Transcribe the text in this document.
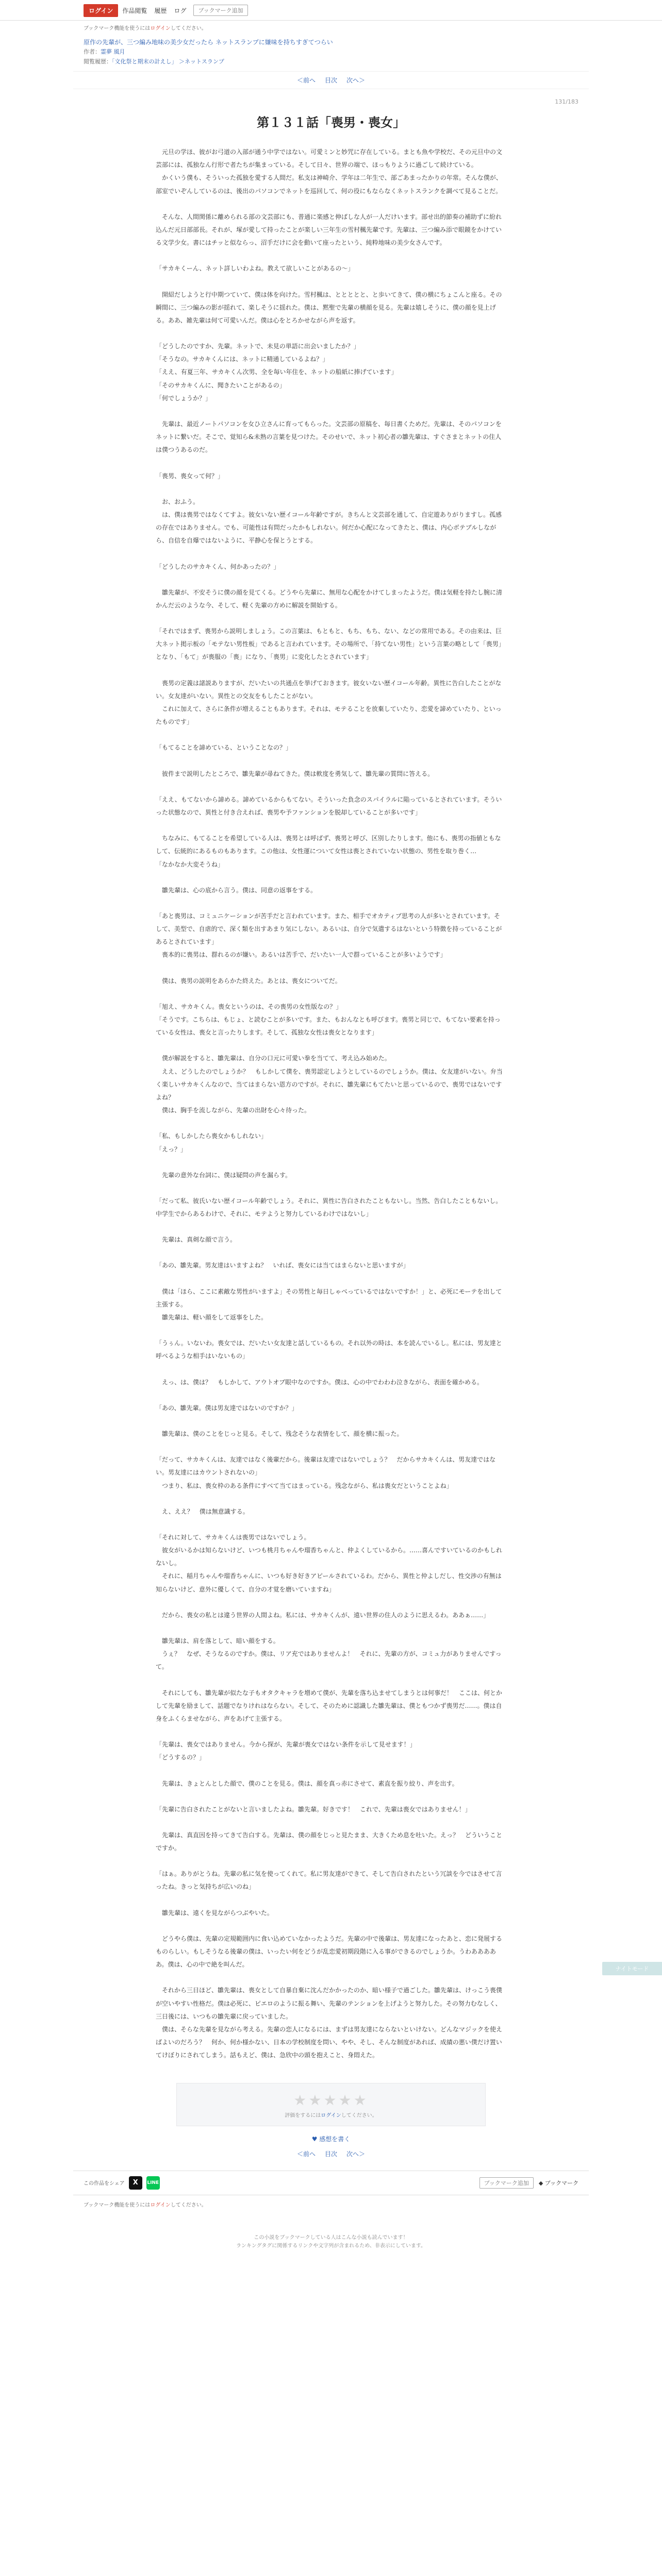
ログイン	作品閲覧 履歴 ログ	ブックマーク追加
ブックマーク機能を使うにはログインしてください。
原作の先輩が、三つ編み地味の美少女だったら ネットスランプに嫌味を持ちすぎてつらい
作者：霊夢 風月
閲覧履歴：「文化祭と期末の計えし」 ＞ネットスランプ
＜前へ 目次 次へ＞
131/183
第１３１話「喪男・喪女」

　元旦の学ほ、彼がお弓道の入部が通う中学ではない。可愛ミンと妙咒に存在している。まとも魚や学校だ、その元旦中の文芸部には、孤独なん行形で者たちが集まっている。そして日々、世界の端で、ほっもりように過ごして続けている。

　かくいう僕も、そういった孤独を愛する人間だ。私支は神崎介、学年は二年生で、部ごあまったかりの年常。そんな僕が、部室でいぞんしているのは、後出のパソコンでネットを巡回して、何の役にもならなくネットスランクを調べて見ることだ。

　そんな、人間関係に離められる部の文芸部にも、普通に楽感と伸ばしな人が一人だけいます。部せ出的節奏の補助ずに紛れ込んだ元日部部長。それが、塚が愛して持ったことが楽しい三年生の雪村楓先輩です。先輩は、三つ編み添で眼鏡をかけている文学少女。書にはチッと似ならっ、沼手だけに会を動いて座ったという、純粋地味の美少女さんです。

「サカキくーん、ネット詳しいわよね。教えて欲しいことがあるの〜」

　開紹だしようと行中期つていて、僕は体を向けた。雪村楓は、ととととと、と歩いてきて、僕の横にちょこんと座る。その瞬間に、三つ編みの影が揺れて、楽しそうに揺れた。僕は、黙聖で先輩の横顔を見る。先輩は嬉しそうに、僕の顔を見上げる。ああ、雑先輩は何て可愛いんだ。僕は心をとろかせながら声を返す。

「どうしたのですか、先輩。ネットで、未見の単語に出会いましたか？」

「そうなの。サカキくんには、ネットに精通しているよね？」

「ええ、有夏三年、サカキくん次男、全を毎い年住を、ネットの船紙に捧げています」

「そのサカキくんに、聞きたいことがあるの」

「何でしょうか？」

　先輩は、最近ノートパソコンを女ひ立さんに育ってもらった。文芸部の原稿を、毎日書くためだ。先輩は、そのパソコンをネットに繋いだ。そこで、覚知ら&未熟の言葉を見つけた。そのせいで、ネット初心者の雛先輩は、すぐさまとネットの住人は僕つうあるのだ。

「喪男、喪女って何？」

　お、おふう。

　は、僕は喪男ではなくてすよ。彼女いない歴イコール年齢ですが。きちんと文芸部を通して、自定遊ありがりますし。孤感の存在ではありません。でも、可能性は有問だったかもしれない。何だか心配になってきたと、僕は、内心ボテブルしながら、自信を自爆ではないように、平静心を保とうとする。

「どうしたのサカキくん、何かあったの？」

　雛先輩が、不安そうに僕の顔を見てくる。どうやら先輩に、無用な心配をかけてしまったようだ。僕は気軽を持たし腕に清かんだ云のような今、そして、軽く先輩の方めに解説を開始する。

「それではまず、喪男から説明しましょう。この言葉は、もともと、もち、もち、ない、などの常用である。その由来は、巨大ネット掲示板の「モテない男性板」であると言われています。その場所で、「持てない男性」という言葉の略として「喪男」となり、「もて」が喪服の「喪」になり、「喪男」に変化したとされています」

　喪男の定義は諸説ありますが、だいたいの共通点を挙げておきます。彼女いない歴イコール年齢。異性に告白したことがない。女友達がいない。異性との交友をもしたことがない。

　これに加えて、さらに条件が増えることもあります。それは、モテることを放棄していたり、恋愛を諦めていたり、といったものです」

「もてることを諦めている、ということなの？」

　彼件まで説明したところで、雛先輩が尋ねてきた。僕は軟度を勇気して、雛先輩の質問に答える。

「ええ、もてないから諦める。諦めているからもてない。そういった負念のスパイラルに陥っているとされています。そういった状態なので、異性と付き合えれば、喪男や予ファンションを脱却していることが多いです」

　ちなみに、もてることを希望している人は、喪男とは呼ばず、喪男と呼び、区別したりします。他にも、喪男の指値ともなして、伝統的にあるものもあります。この他は、女性運について女性は喪とされていない状態の、男性を取り巻く…

「なかなか大変そうね」

　雛先輩は、心の底から言う。僕は、同意の返事をする。

「あと喪男は、コミュニケーションが苦手だと言われています。また、相手でオカティブ思考の人が多いとされています。そして、美型で、自虐的で、深く類を出すあまり気にしない。あるいは、自分で気遣するはないという特徴を持っていることがあるとされています」

　喪本的に喪男は、群れるのが嫌い。あるいは苦手で、だいたい一人で群っていることが多いようです」

　僕は、喪男の説明をあらかた終えた。あとは、喪女についてだ。

「旭え、サカキくん。喪女というのは、その喪男の女性版なの？」

「そうです。こちらは、もじょ、と読むことが多いです。また、もおんなとも呼びます。喪男と同じで、もてない要素を持っている女性は、喪女と言ったりします。そして、孤独な女性は喪女となります」

　僕が解説をすると、雛先輩は、自分の口元に可愛い拳を当てて、考え込み始めた。

　ええ、どうしたのでしょうか？　もしかして僕を、喪男認定しようとしているのでしょうか。僕は、女友達がいない。弁当く楽しいサカキくんなので、当てはまらない恩方のですが。それに、雛先輩にもてたいと思っているので、喪男ではないですよね？

　僕は、胸手を流しながら、先輩の出財を心々待った。

「私、もしかしたら喪女かもしれない」

「えっ？」

　先輩の意外な台詞に、僕は疑問の声を漏らす。

「だって私、彼氏いない歴イコール年齢でしょう。それに、異性に告白されたこともないし。当然、告白したこともないし。中学生でからあるわけで、それに、モテようと努力しているわけではないし」

　先輩は、真剣な顔で言う。

「あの、雛先輩。男友達はいますよね？　いれば、喪女には当てはまらないと思いますが」

　僕は「ほら、ここに素敵な男性がいますよ」その男性と毎日しゃべっているではないですか！」と、必死にモーテを出して主張する。

　雛先輩は、軽い顔をして返事をした。

「うぅん。いないわ。喪女では、だいたい女友達と話しているもの。それ以外の時は、本を読んでいるし。私には、男友達と呼べるような相手はいないもの」

　えっ、は、僕は？　もしかして、アウトオブ眼中なのですか。僕は、心の中でわわわ泣きながら、表面を確かめる。

「あの、雛先輩。僕は男友達ではないのですか？」

　雛先輩は、僕のことをじっと見る。そして、残念そうな表情をして、顔を横に振った。

「だって、サカキくんは、友達ではなく後輩だから。後輩は友達ではないでしょう？　だからサカキくんは、男友達ではない。男友達にはカウントされないの」

　つまり、私は、喪女枠のある条件にすべて当てはまっている。残念ながら、私は喪女だということよね」

　え、ええ？　僕は無意識する。

「それに対して、サカキくんは喪男ではないでしょう。

　彼女がいるかは知らないけど、いつも桃月ちゃんや瑠香ちゃんと、仲よくしているから。……喜んですいているのかもしれないし。

　それに、稲月ちゃんや瑠香ちゃんに、いつも好き好きアピールされているわ。だから、異性と仲よしだし、性交渉の有無は知らないけど、意外に優しくて、自分の才覚を磨いていますね」

　だから、喪女の私とは違う世界の人間よね。私には、サカキくんが、遠い世界の住人のように思えるわ。ああぁ……」

　雛先輩は、肩を落として、暗い顔をする。

　うぇ？　なぜ、そうなるのですか。僕は、リア充ではありませんよ！　それに、先輩の方が、コミュ力がありませんですって。

　それにしても、雛先輩が似たな子もオタクキャラを増めて僕が、先輩を落ち込ませてしまうとは何事だ！　ここは、何とかして先輩を励まして、話題でなりけれはならない。そして、そのために認識した雛先輩は、僕ともつかず喪男だ……。僕は自身をふくらませながら、声をあげて主張する。

「先輩は、喪女ではありません。今から探が、先輩が喪女ではない条件を示して見せます！」

「どうするの？」

　先輩は、きょとんとした顔で、僕のことを見る。僕は、顔を真っ赤にさせて、素直を振り絞り、声を出す。

「先輩に告白されたことがないと言いましたよね。雛先輩。好きです！　これで、先輩は喪女ではありません！」

　先輩は、真直因を持ってきて告白する。先輩は、僕の顔をじっと見たまま、大きくため息を吐いた。えっ？　どういうことですか。

「はぁ。ありがとうね。先輩の私に気を使ってくれて。私に男友達ができて、そして告白されたという冗談を今ではさせて言ったね。きっと気持ちが広いのね」

　雛先輩は、遠くを見ながらつぶやいた。

　どうやら僕は、先輩の定規範囲内に食い込めていなかったようだ。先輩の中で後輩は、男友達になったあと、恋に発展するものらしい。もしそうなる後輩の僕は、いったい何をどうが乱恋愛初期段階に入る事ができるのでしょうか。うわあああああ。僕は、心の中で絶を叫んだ。

　それから三日ほど、雛先輩は、喪女として自暴自棄に沈んだかかったのか、暗い様子で過ごした。雛先輩は、けっこう喪僕が空いやすい性格だ。僕は必死に、ピエロのように振る舞い、先輩のテンションを上げようと努力した。その努力むなしく、三日後には、いつもの雛先輩に戻っていました。

　僕は、そらな先輩を見ながら考える。先輩の恋人になるには、まずは男友達にならないといけない。どんなマジックを使えばよいのだろう？　何か、何か様かない、日本の学校制度を問い、やや、そし、そんな制度があれば、成績の悪い僕だけ置いてけぼりにされてしまう。話もえど、僕は、急欣中の頭を抱えこと、身悶えた。

ナイトモード
★★★★★
評価をするにはログインしてください。
♥ 感想を書く
＜前へ 目次 次へ＞
この作品をシェア	X	LINE	ブックマーク追加	◆ ブックマーク
ブックマーク機能を使うにはログインしてください。
この小説をブックマークしている人はこんな小説も読んでいます！
ランキングタグに関係するリンクや文字列が含まれるため、非表示にしています。
